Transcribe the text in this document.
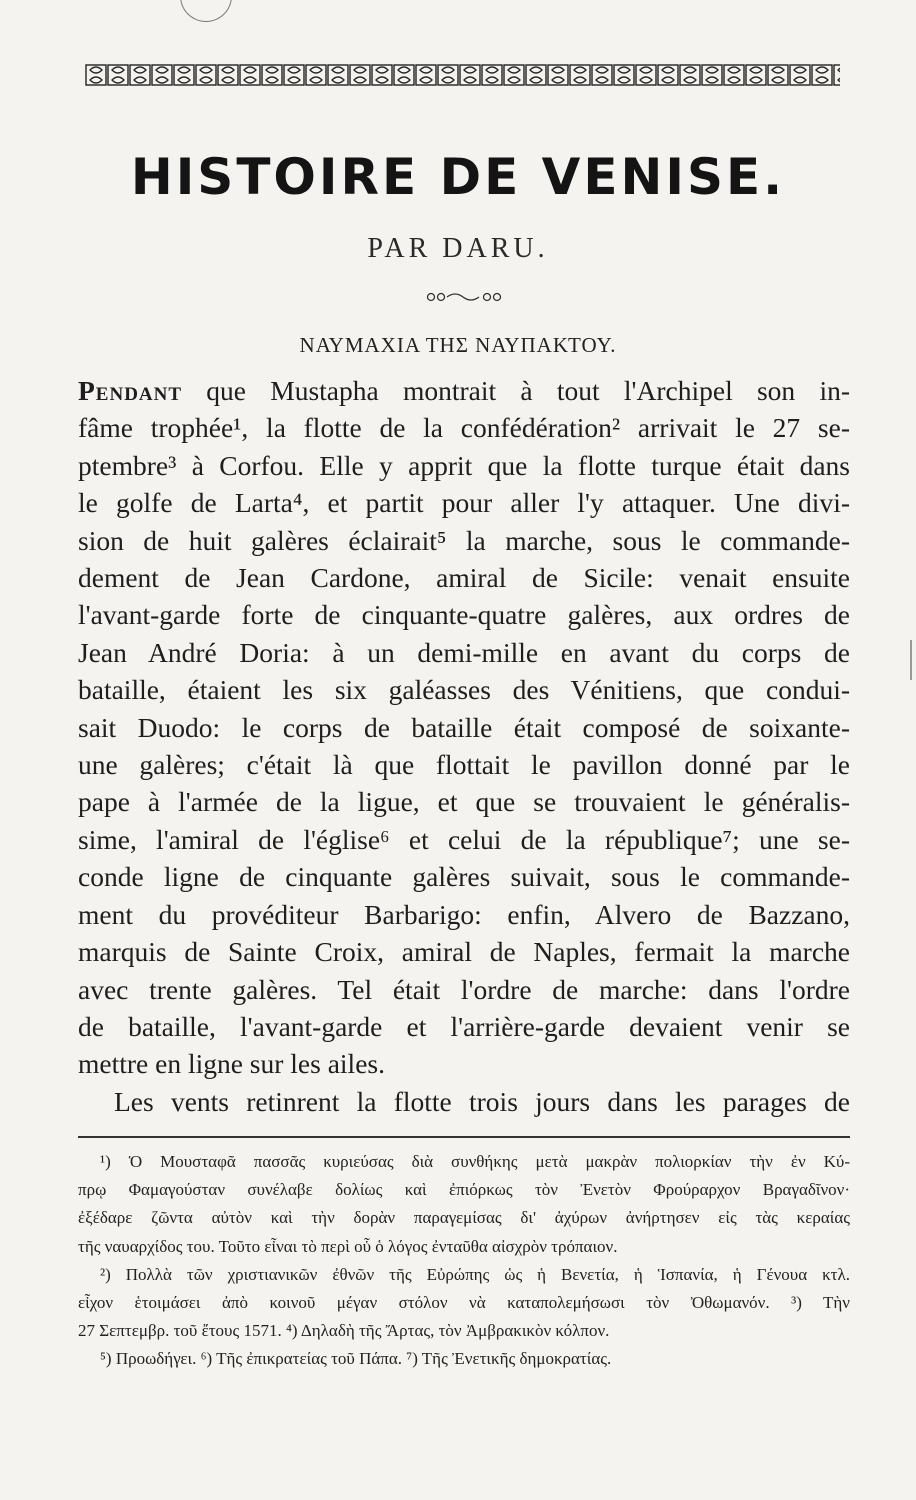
HISTOIRE DE VENISE.
PAR DARU.
ΝΑΥΜΑΧΙΑ ΤΗΣ ΝΑΥΠΑΚΤΟΥ.
Pendant que Mustapha montrait à tout l'Archipel son in-
fâme trophée¹, la flotte de la confédération² arrivait le 27 se-
ptembre³ à Corfou. Elle y apprit que la flotte turque était dans
le golfe de Larta⁴, et partit pour aller l'y attaquer. Une divi-
sion de huit galères éclairait⁵ la marche, sous le commande-
dement de Jean Cardone, amiral de Sicile: venait ensuite
l'avant-garde forte de cinquante-quatre galères, aux ordres de
Jean André Doria: à un demi-mille en avant du corps de
bataille, étaient les six galéasses des Vénitiens, que condui-
sait Duodo: le corps de bataille était composé de soixante-
une galères; c'était là que flottait le pavillon donné par le
pape à l'armée de la ligue, et que se trouvaient le généralis-
sime, l'amiral de l'église⁶ et celui de la république⁷; une se-
conde ligne de cinquante galères suivait, sous le commande-
ment du provéditeur Barbarigo: enfin, Alvero de Bazzano,
marquis de Sainte Croix, amiral de Naples, fermait la marche
avec trente galères. Tel était l'ordre de marche: dans l'ordre
de bataille, l'avant-garde et l'arrière-garde devaient venir se
mettre en ligne sur les ailes.
Les vents retinrent la flotte trois jours dans les parages de
¹) Ὁ Μουσταφᾶ πασσᾶς κυριεύσας διὰ συνθήκης μετὰ μακρὰν πολιορκίαν τὴν ἐν Κύ-
πρῳ Φαμαγούσταν συνέλαβε δολίως καὶ ἐπιόρκως τὸν Ἐνετὸν Φρούραρχον Βραγαδῖνον·
ἐξέδαρε ζῶντα αὐτὸν καὶ τὴν δορὰν παραγεμίσας δι' ἀχύρων ἀνήρτησεν εἰς τὰς κεραίας
τῆς ναυαρχίδος του. Τοῦτο εἶναι τὸ περὶ οὗ ὁ λόγος ἐνταῦθα αἰσχρὸν τρόπαιον.
²) Πολλὰ τῶν χριστιανικῶν ἐθνῶν τῆς Εὐρώπης ὡς ἡ Βενετία, ἡ Ἱσπανία, ἡ Γένουα κτλ.
εἶχον ἑτοιμάσει ἀπὸ κοινοῦ μέγαν στόλον νὰ καταπολεμήσωσι τὸν Ὀθωμανόν. ³) Τὴν
27 Σεπτεμβρ. τοῦ ἔτους 1571. ⁴) Δηλαδὴ τῆς Ἄρτας, τὸν Ἀμβρακικὸν κόλπον.
⁵) Προωδήγει. ⁶) Τῆς ἐπικρατείας τοῦ Πάπα. ⁷) Τῆς Ἐνετικῆς δημοκρατίας.
